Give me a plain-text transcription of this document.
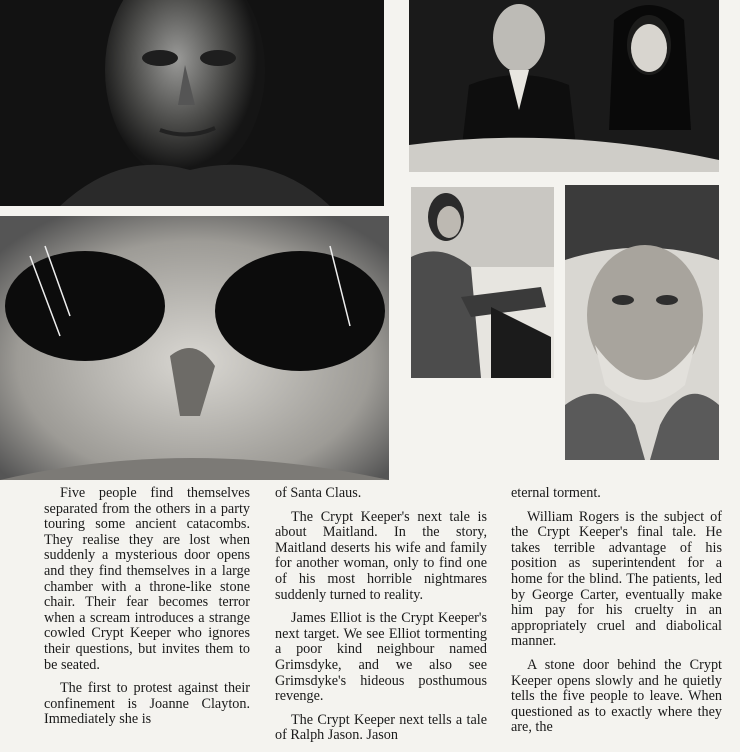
Five people find themselves separated from the others in a party touring some ancient catacombs. They realise they are lost when suddenly a mysterious door opens and they find themselves in a large chamber with a throne-like stone chair. Their fear becomes terror when a scream introduces a strange cowled Crypt Keeper who ignores their questions, but invites them to be seated.

The first to protest against their confinement is Joanne Clayton. Immediately she is

of Santa Claus.

The Crypt Keeper's next tale is about Maitland. In the story, Maitland deserts his wife and family for another woman, only to find one of his most horrible nightmares suddenly turned to reality.

James Elliot is the Crypt Keeper's next target. We see Elliot tormenting a poor kind neighbour named Grimsdyke, and we also see Grimsdyke's hideous posthumous revenge.

The Crypt Keeper next tells a tale of Ralph Jason. Jason

eternal torment.

William Rogers is the subject of the Crypt Keeper's final tale. He takes terrible advantage of his position as superintendent for a home for the blind. The patients, led by George Carter, eventually make him pay for his cruelty in an appropriately cruel and diabolical manner.

A stone door behind the Crypt Keeper opens slowly and he quietly tells the five people to leave. When questioned as to exactly where they are, the
